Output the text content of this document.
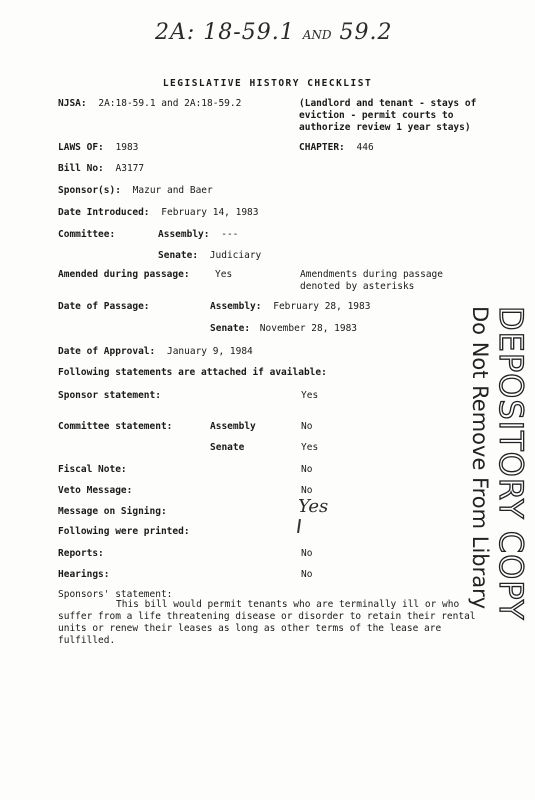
2A: 18-59.1 AND 59.2
LEGISLATIVE HISTORY CHECKLIST
NJSA: 2A:18-59.1 and 2A:18-59.2	(Landlord and tenant - stays of eviction - permit courts to authorize review 1 year stays)
LAWS OF: 1983	CHAPTER: 446
Bill No: A3177
Sponsor(s): Mazur and Baer
Date Introduced: February 14, 1983
Committee:	Assembly: ---
Senate: Judiciary
Amended during passage:	Yes	Amendments during passage denoted by asterisks
Date of Passage:	Assembly: February 28, 1983
Senate: November 28, 1983
Date of Approval: January 9, 1984
Following statements are attached if available:
Sponsor statement:	Yes
Committee statement:	Assembly	No
Senate	Yes
Fiscal Note:	No
Veto Message:	No
Message on Signing:	Yes
Following were printed:
Reports:	No
Hearings:	No
Sponsors' statement:
This bill would permit tenants who are terminally ill or who suffer from a life threatening disease or disorder to retain their rental units or renew their leases as long as other terms of the lease are fulfilled.
DEPOSITORY COPY
Do Not Remove From Library
